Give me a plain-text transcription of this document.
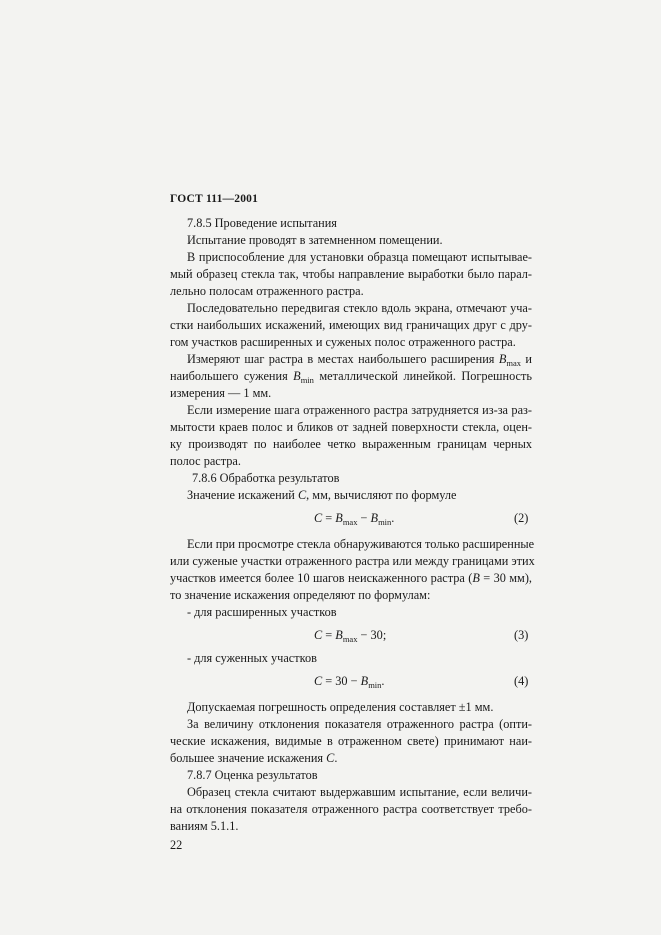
ГОСТ 111—2001
7.8.5 Проведение испытания
Испытание проводят в затемненном помещении.
В приспособление для установки образца помещают испытывае-
мый образец стекла так, чтобы направление выработки было парал-
лельно полосам отраженного растра.
Последовательно передвигая стекло вдоль экрана, отмечают уча-
стки наибольших искажений, имеющих вид граничащих друг с дру-
гом участков расширенных и суженых полос отраженного растра.
Измеряют шаг растра в местах наибольшего расширения $B_{max}$ и
наибольшего сужения $B_{min}$ металлической линейкой. Погрешность
измерения — 1 мм.
Если измерение шага отраженного растра затрудняется из-за раз-
мытости краев полос и бликов от задней поверхности стекла, оцен-
ку производят по наиболее четко выраженным границам черных
полос растра.
7.8.6 Обработка результатов
Значение искажений C, мм, вычисляют по формуле
$C = B_{max} - B_{min}$.	(2)
Если при просмотре стекла обнаруживаются только расширенные
или суженые участки отраженного растра или между границами этих
участков имеется более 10 шагов неискаженного растра (B = 30 мм),
то значение искажения определяют по формулам:
- для расширенных участков
$C = B_{max} - 30$;	(3)
- для суженных участков
$C = 30 - B_{min}$.	(4)
Допускаемая погрешность определения составляет ±1 мм.
За величину отклонения показателя отраженного растра (опти-
ческие искажения, видимые в отраженном свете) принимают наи-
большее значение искажения C.
7.8.7 Оценка результатов
Образец стекла считают выдержавшим испытание, если величи-
на отклонения показателя отраженного растра соответствует требо-
ваниям 5.1.1.
22
